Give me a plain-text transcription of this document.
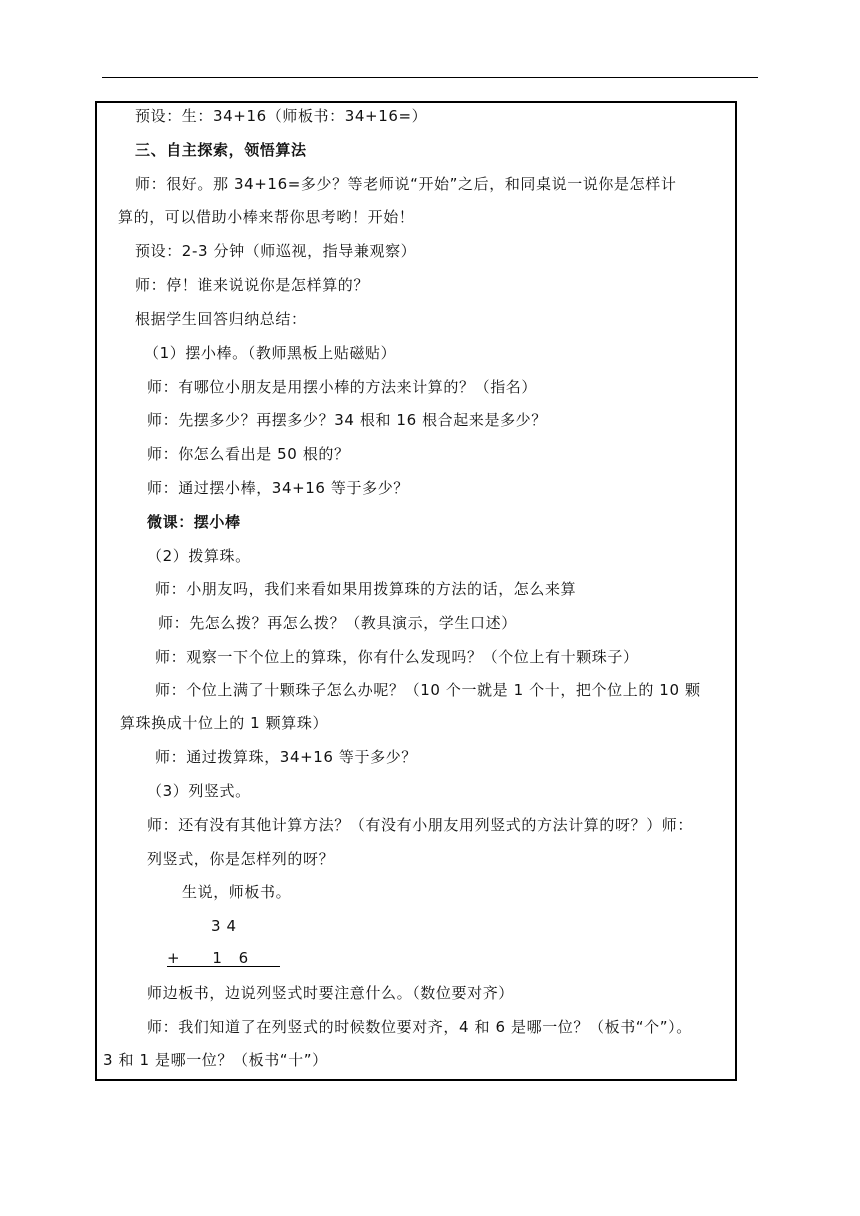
预设：生：34+16（师板书：34+16=）
三、自主探索，领悟算法
师：很好。那 34+16=多少？等老师说“开始”之后，和同桌说一说你是怎样计
算的，可以借助小棒来帮你思考哟！开始！
预设：2-3 分钟（师巡视，指导兼观察）
师：停！谁来说说你是怎样算的？
根据学生回答归纳总结：
（1）摆小棒。（教师黑板上贴磁贴）
师：有哪位小朋友是用摆小棒的方法来计算的？（指名）
师：先摆多少？再摆多少？34 根和 16 根合起来是多少？
师：你怎么看出是 50 根的？
师：通过摆小棒，34+16 等于多少？
微课：摆小棒
（2）拨算珠。
师：小朋友吗，我们来看如果用拨算珠的方法的话，怎么来算
师：先怎么拨？再怎么拨？（教具演示，学生口述）
师：观察一下个位上的算珠，你有什么发现吗？（个位上有十颗珠子）
师：个位上满了十颗珠子怎么办呢？（10 个一就是 1 个十，把个位上的 10 颗
算珠换成十位上的 1 颗算珠）
师：通过拨算珠，34+16 等于多少？
（3）列竖式。
师：还有没有其他计算方法？（有没有小朋友用列竖式的方法计算的呀？）师：
列竖式，你是怎样列的呀？
生说，师板书。
3 4
+      1   6
师边板书，边说列竖式时要注意什么。（数位要对齐）
师：我们知道了在列竖式的时候数位要对齐，4 和 6 是哪一位？（板书“个”）。
3 和 1 是哪一位？（板书“十”）
